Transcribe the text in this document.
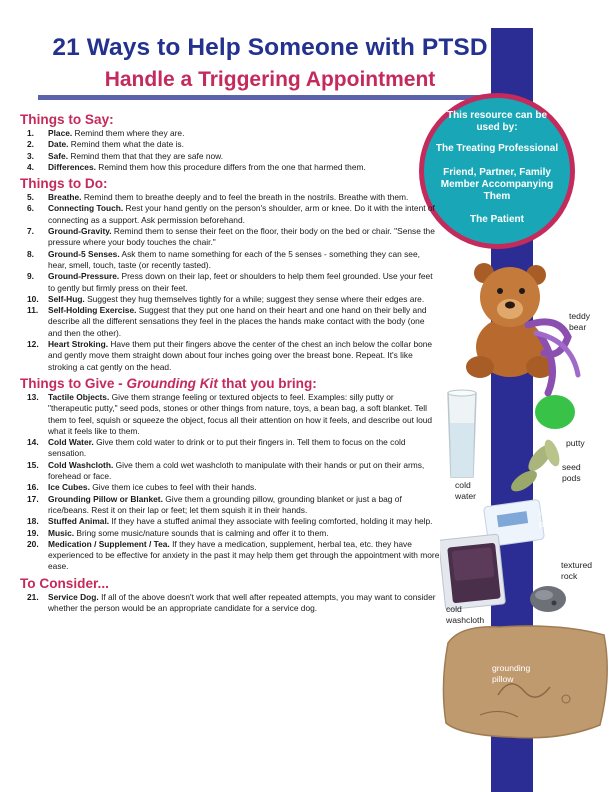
21 Ways to Help Someone with PTSD
Handle a Triggering Appointment
This resource can be used by:
The Treating Professional
Friend, Partner, Family Member Accompanying Them
The Patient
Things to Say:
1. Place. Remind them where they are.
2. Date. Remind them what the date is.
3. Safe. Remind them that that they are safe now.
4. Differences. Remind them how this procedure differs from the one that harmed them.
Things to Do:
5. Breathe. Remind them to breathe deeply and to feel the breath in the nostrils. Breathe with them.
6. Connecting Touch. Rest your hand gently on the person's shoulder, arm or knee. Do it with the intent of connecting as a support. Ask permission beforehand.
7. Ground-Gravity. Remind them to sense their feet on the floor, their body on the bed or chair. "Sense the pressure where your body touches the chair."
8. Ground-5 Senses. Ask them to name something for each of the 5 senses - something they can see, hear, smell, touch, taste (or recently tasted).
9. Ground-Pressure. Press down on their lap, feet or shoulders to help them feel grounded. Use your feet to gently but firmly press on their feet.
10. Self-Hug. Suggest they hug themselves tightly for a while; suggest they sense where their edges are.
11. Self-Holding Exercise. Suggest that they put one hand on their heart and one hand on their belly and describe all the different sensations they feel in the places the hands make contact with the body (one and then the other).
12. Heart Stroking. Have them put their fingers above the center of the chest an inch below the collar bone and gently move them straight down about four inches going over the breast bone. Repeat. It's like stroking a cat gently on the head.
Things to Give - Grounding Kit that you bring:
13. Tactile Objects. Give them strange feeling or textured objects to feel. Examples: silly putty or "therapeutic putty," seed pods, stones or other things from nature, toys, a bean bag, a soft blanket. Tell them to feel, squish or squeeze the object, focus all their attention on how it feels, and describe out loud what it feels like to them.
14. Cold Water. Give them cold water to drink or to put their fingers in. Tell them to focus on the cold sensation.
15. Cold Washcloth. Give them a cold wet washcloth to manipulate with their hands or put on their arms, forehead or face.
16. Ice Cubes. Give them ice cubes to feel with their hands.
17. Grounding Pillow or Blanket. Give them a grounding pillow, grounding blanket or just a bag of rice/beans. Rest it on their lap or feet; let them squish it in their hands.
18. Stuffed Animal. If they have a stuffed animal they associate with feeling comforted, holding it may help.
19. Music. Bring some music/nature sounds that is calming and offer it to them.
20. Medication / Supplement / Tea. If they have a medication, supplement, herbal tea, etc. they have experienced to be effective for anxiety in the past it may help them get through the appointment with more ease.
To Consider...
21. Service Dog. If all of the above doesn't work that well after repeated attempts, you may want to consider whether the person would be an appropriate candidate for a service dog.
teddy bear
putty
seed pods
cold water
ice pack
textured rock
cold washcloth
grounding pillow
